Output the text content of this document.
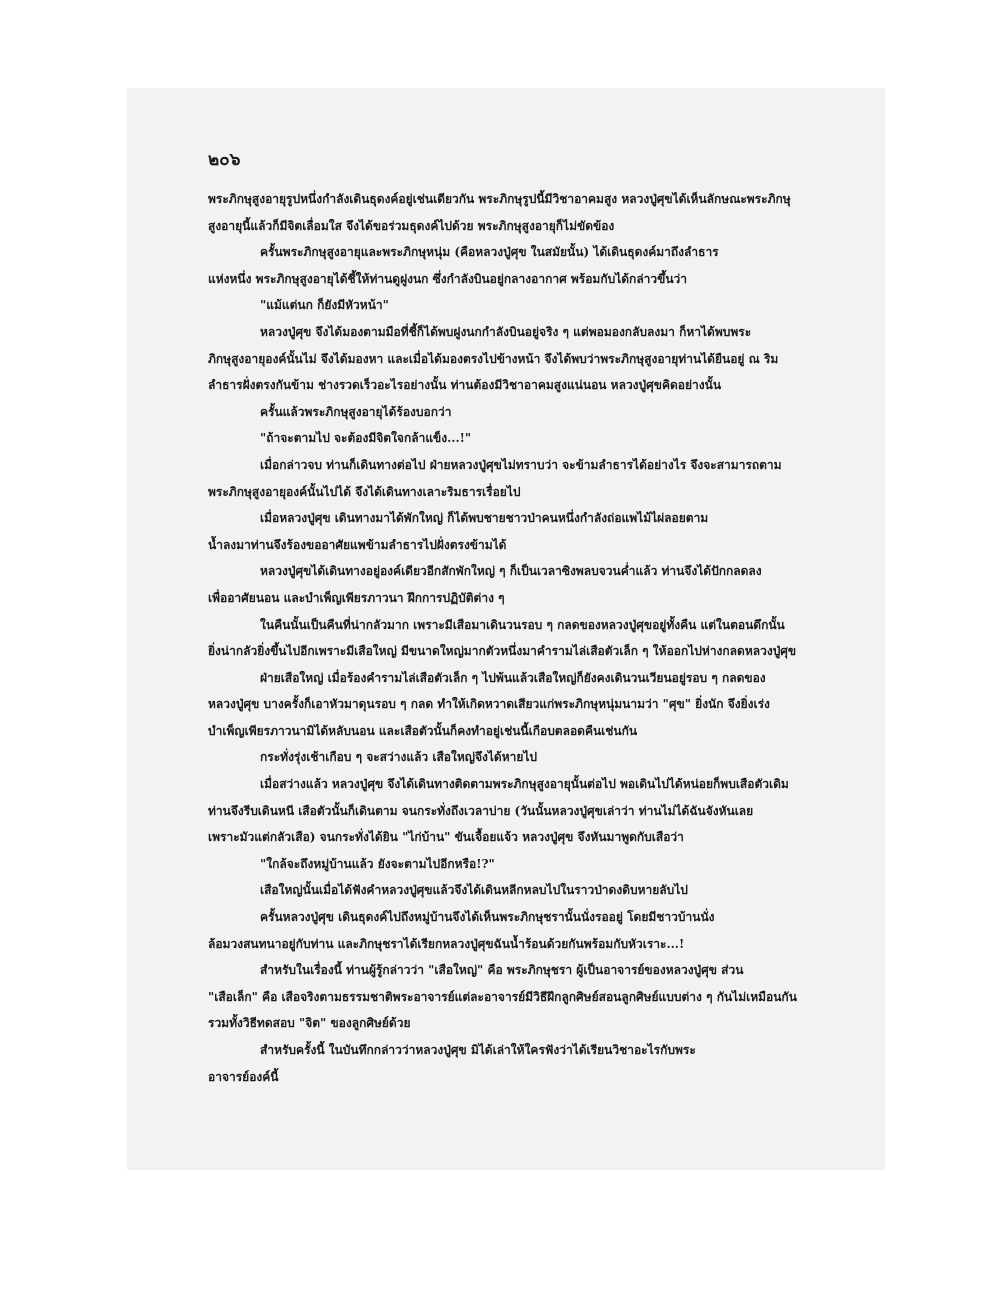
๒๐๖
พระภิกษุสูงอายุรูปหนึ่งกำลังเดินธุดงค์อยู่เช่นเดียวกัน พระภิกษุรูปนี้มีวิชาอาคมสูง หลวงปู่ศุขได้เห็นลักษณะพระภิกษุ
สูงอายุนี้แล้วก็มีจิตเลื่อมใส จึงได้ขอร่วมธุดงค์ไปด้วย พระภิกษุสูงอายุก็ไม่ขัดข้อง
ครั้นพระภิกษุสูงอายุและพระภิกษุหนุ่ม (คือหลวงปู่ศุข ในสมัยนั้น) ได้เดินธุดงค์มาถึงลำธาร
แห่งหนึ่ง พระภิกษุสูงอายุได้ชี้ให้ท่านดูฝูงนก ซึ่งกำลังบินอยู่กลางอากาศ พร้อมกับได้กล่าวขึ้นว่า
"แม้แต่นก ก็ยังมีหัวหน้า"
หลวงปู่ศุข จึงได้มองตามมือที่ชี้ก็ได้พบฝูงนกกำลังบินอยู่จริง ๆ แต่พอมองกลับลงมา ก็หาได้พบพระ
ภิกษุสูงอายุองค์นั้นไม่ จึงได้มองหา และเมื่อได้มองตรงไปข้างหน้า จึงได้พบว่าพระภิกษุสูงอายุท่านได้ยืนอยู่ ณ ริม
ลำธารฝั่งตรงกันข้าม ช่างรวดเร็วอะไรอย่างนั้น ท่านต้องมีวิชาอาคมสูงแน่นอน หลวงปู่ศุขคิดอย่างนั้น
ครั้นแล้วพระภิกษุสูงอายุได้ร้องบอกว่า
"ถ้าจะตามไป จะต้องมีจิตใจกล้าแข็ง...!"
เมื่อกล่าวจบ ท่านก็เดินทางต่อไป ฝ่ายหลวงปู่ศุขไม่ทราบว่า จะข้ามลำธารได้อย่างไร จึงจะสามารถตาม
พระภิกษุสูงอายุองค์นั้นไปได้ จึงได้เดินทางเลาะริมธารเรื่อยไป
เมื่อหลวงปู่ศุข เดินทางมาได้พักใหญ่ ก็ได้พบชายชาวป่าคนหนึ่งกำลังถ่อแพไม้ไผ่ลอยตาม
น้ำลงมาท่านจึงร้องขออาศัยแพข้ามลำธารไปฝั่งตรงข้ามได้
หลวงปู่ศุขได้เดินทางอยู่องค์เดียวอีกสักพักใหญ่ ๆ ก็เป็นเวลาซิงพลบจวนค่ำแล้ว ท่านจึงได้ปักกลดลง
เพื่ออาศัยนอน และบำเพ็ญเพียรภาวนา ฝึกการปฏิบัติต่าง ๆ
ในคืนนั้นเป็นคืนที่น่ากลัวมาก เพราะมีเสือมาเดินวนรอบ ๆ กลดของหลวงปู่ศุขอยู่ทั้งคืน แต่ในตอนดึกนั้น
ยิ่งน่ากลัวยิ่งขึ้นไปอีกเพราะมีเสือใหญ่ มีขนาดใหญ่มากตัวหนึ่งมาคำรามไล่เสือตัวเล็ก ๆ ให้ออกไปห่างกลดหลวงปู่ศุข
ฝ่ายเสือใหญ่ เมื่อร้องคำรามไล่เสือตัวเล็ก ๆ ไปพ้นแล้วเสือใหญ่ก็ยังคงเดินวนเวียนอยู่รอบ ๆ กลดของ
หลวงปู่ศุข บางครั้งก็เอาหัวมาดุนรอบ ๆ กลด ทำให้เกิดหวาดเสียวแก่พระภิกษุหนุ่มนามว่า "ศุข" ยิ่งนัก จึงยิ่งเร่ง
บำเพ็ญเพียรภาวนามิได้หลับนอน และเสือตัวนั้นก็คงทำอยู่เช่นนี้เกือบตลอดคืนเช่นกัน
กระทั่งรุ่งเช้าเกือบ ๆ จะสว่างแล้ว เสือใหญ่จึงได้หายไป
เมื่อสว่างแล้ว หลวงปู่ศุข จึงได้เดินทางติดตามพระภิกษุสูงอายุนั้นต่อไป พอเดินไปได้หน่อยก็พบเสือตัวเดิม
ท่านจึงรีบเดินหนี เสือตัวนั้นก็เดินตาม จนกระทั่งถึงเวลาบ่าย (วันนั้นหลวงปู่ศุขเล่าว่า ท่านไม่ได้ฉันจังหันเลย
เพราะมัวแต่กลัวเสือ) จนกระทั่งได้ยิน "ไก่บ้าน" ขันเจื้อยแจ้ว หลวงปู่ศุข จึงหันมาพูดกับเสือว่า
"ใกล้จะถึงหมู่บ้านแล้ว ยังจะตามไปอีกหรือ!?"
เสือใหญ่นั้นเมื่อได้ฟังคำหลวงปู่ศุขแล้วจึงได้เดินหลีกหลบไปในราวป่าดงดิบหายลับไป
ครั้นหลวงปู่ศุข เดินธุดงค์ไปถึงหมู่บ้านจึงได้เห็นพระภิกษุชรานั้นนั่งรออยู่ โดยมีชาวบ้านนั่ง
ล้อมวงสนทนาอยู่กับท่าน และภิกษุชราได้เรียกหลวงปู่ศุขฉันน้ำร้อนด้วยกันพร้อมกับหัวเราะ...!
สำหรับในเรื่องนี้ ท่านผู้รู้กล่าวว่า "เสือใหญ่" คือ พระภิกษุชรา ผู้เป็นอาจารย์ของหลวงปู่ศุข ส่วน
"เสือเล็ก" คือ เสือจริงตามธรรมชาติพระอาจารย์แต่ละอาจารย์มีวิธีฝึกลูกศิษย์สอนลูกศิษย์แบบต่าง ๆ กันไม่เหมือนกัน
รวมทั้งวิธีทดสอบ "จิต" ของลูกศิษย์ด้วย
สำหรับครั้งนี้ ในบันทึกกล่าวว่าหลวงปู่ศุข มิได้เล่าให้ใครฟังว่าได้เรียนวิชาอะไรกับพระ
อาจารย์องค์นี้
